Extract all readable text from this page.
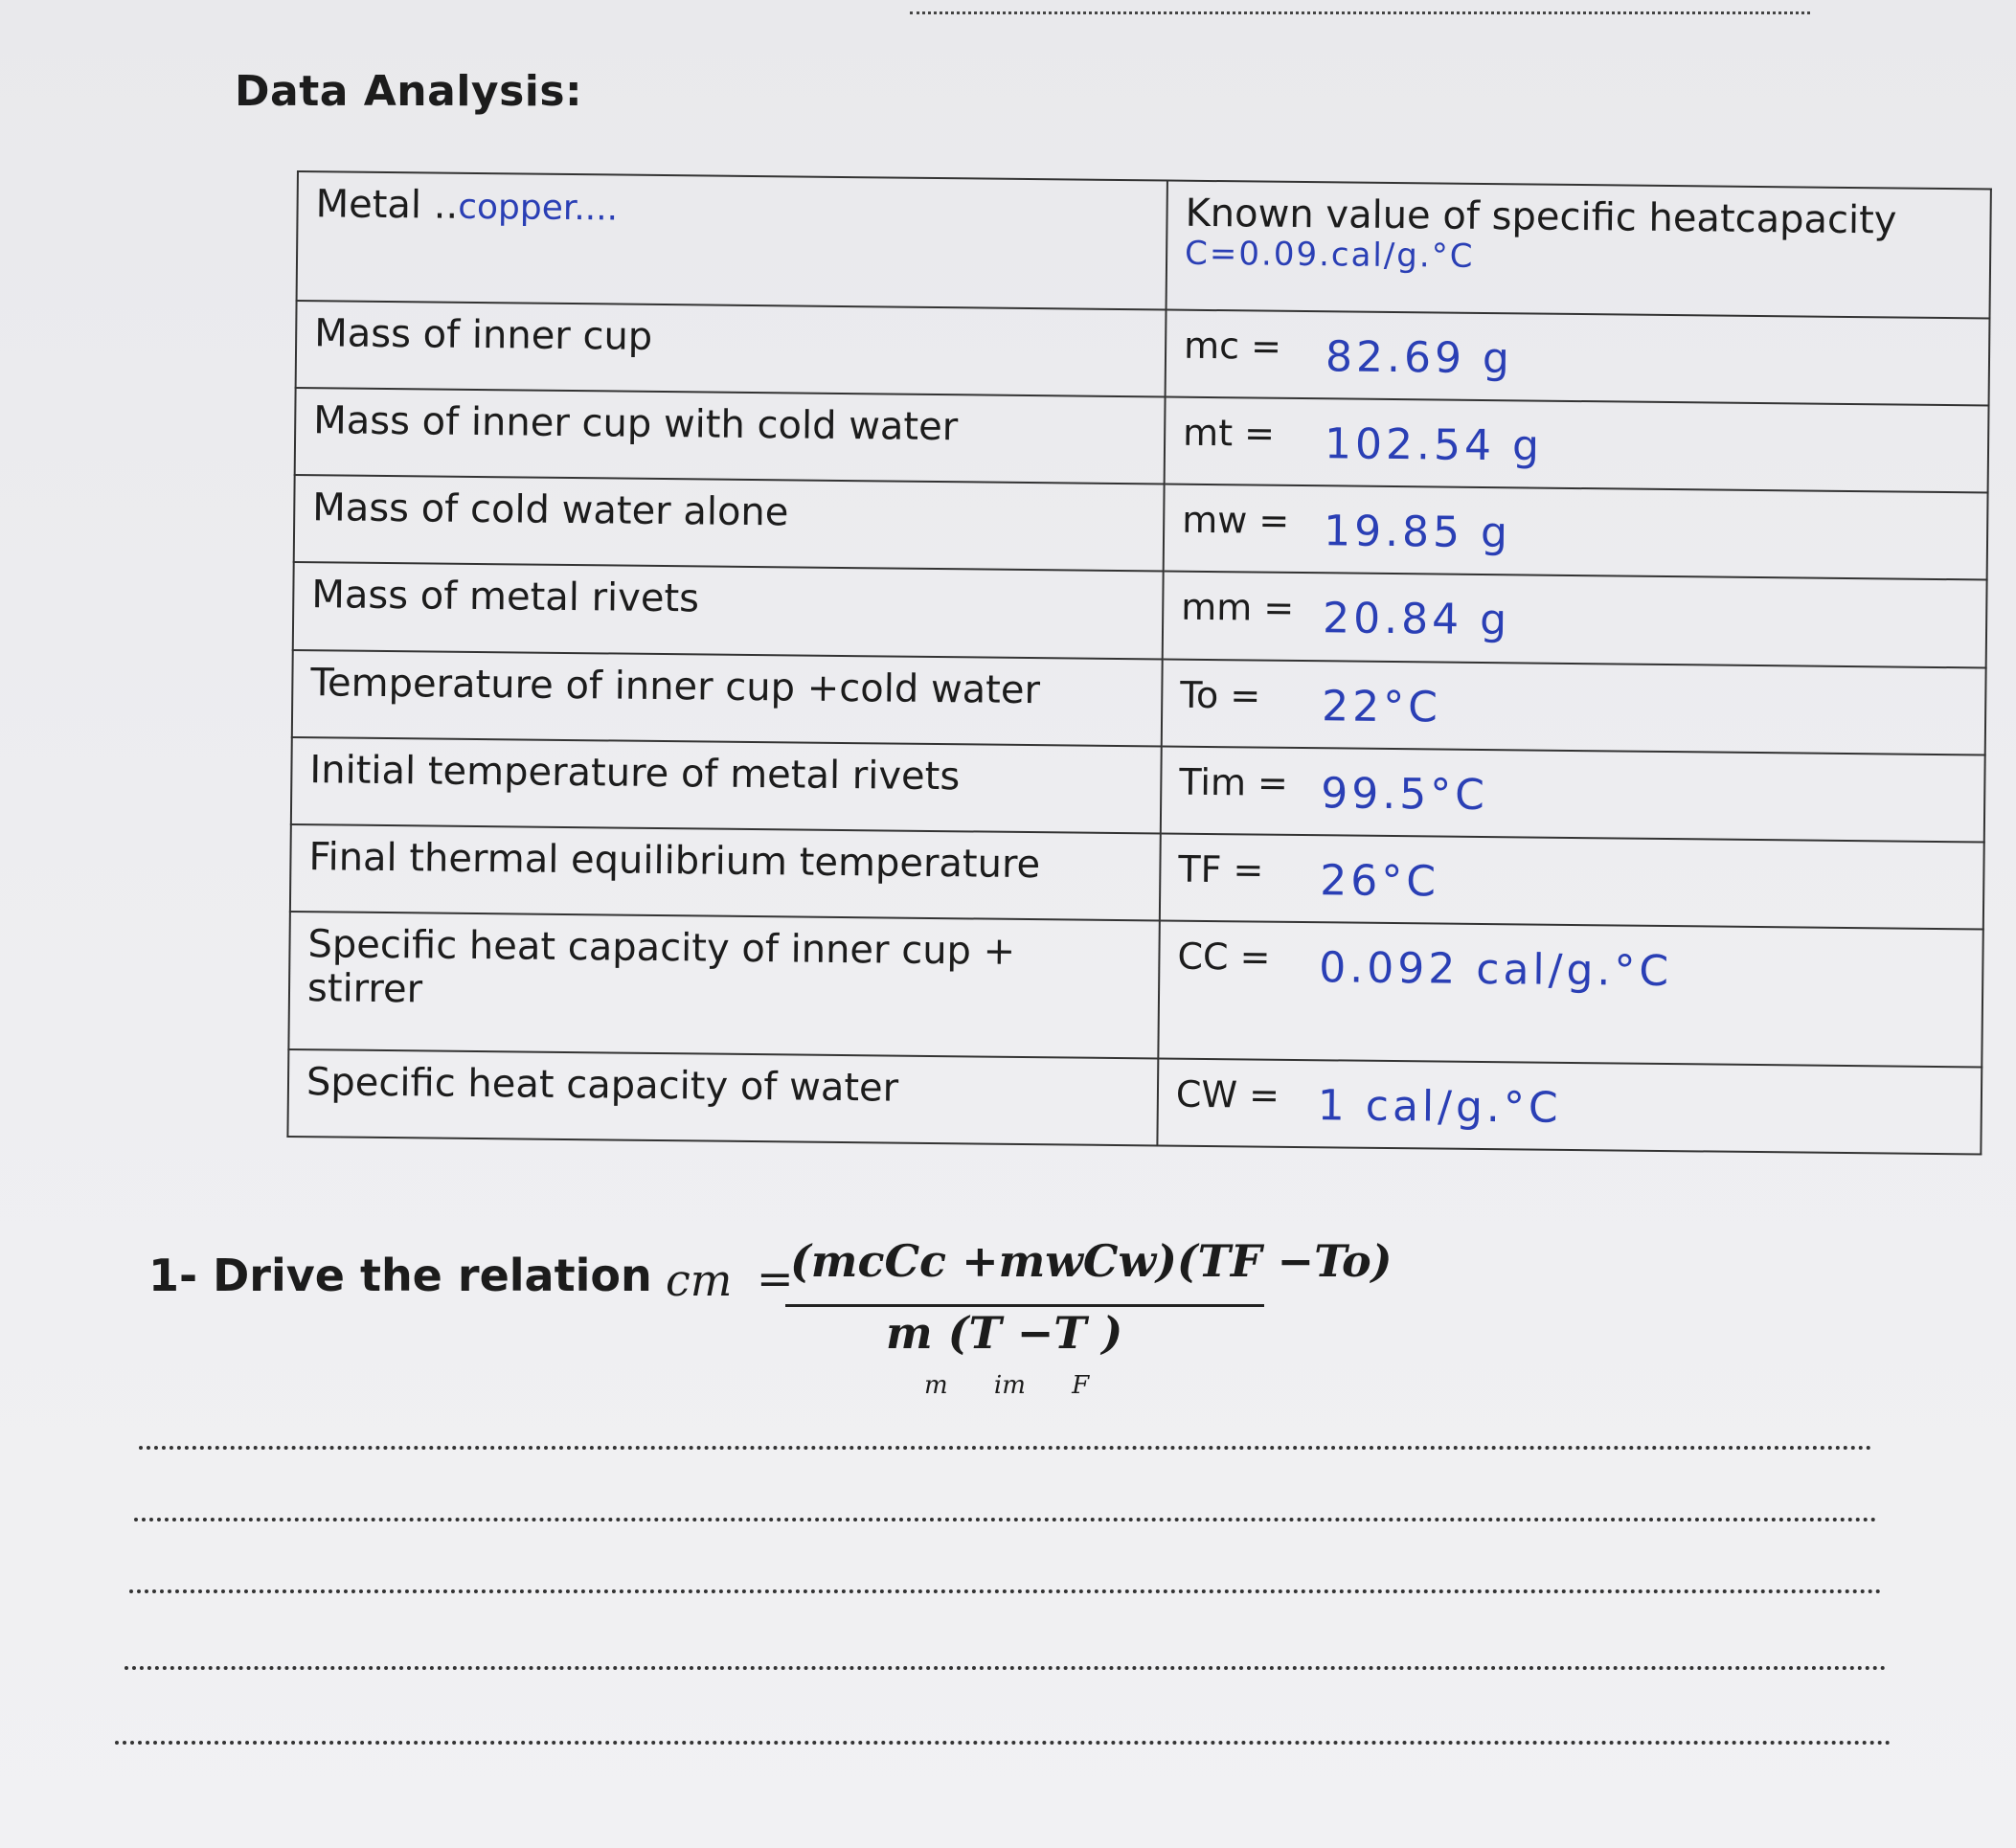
Data Analysis:
Metal ..copper....	Known value of specific heatcapacity
C=0.09.cal/g.°C

Mass of inner cup	mc = 82.69 g
Mass of inner cup with cold water	mt = 102.54 g
Mass of cold water alone	mw = 19.85 g
Mass of metal rivets	mm = 20.84 g
Temperature of inner cup +cold water	To = 22°C
Initial temperature of metal rivets	Tim = 99.5°C
Final thermal equilibrium temperature	TF = 26°C
Specific heat capacity of inner cup + stirrer	CC = 0.092 cal/g.°C
Specific heat capacity of water	CW = 1 cal/g.°C
1- Drive the relation cm =
(mcCc +mwCw)(TF −To)
m (T −T )
m im F
